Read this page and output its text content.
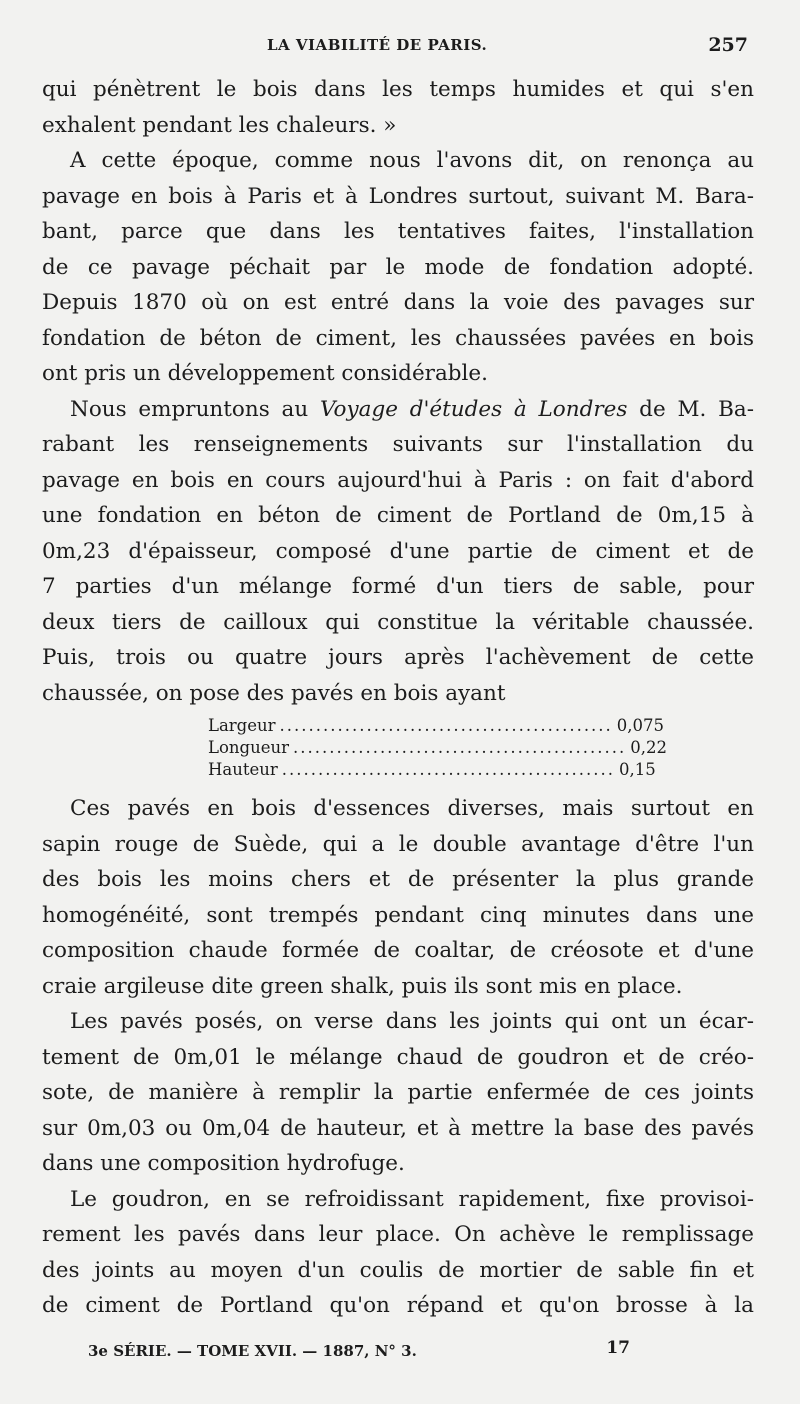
LA VIABILITÉ DE PARIS.	257

qui pénètrent le bois dans les temps humides et qui s'en
exhalent pendant les chaleurs. »

A cette époque, comme nous l'avons dit, on renonça au
pavage en bois à Paris et à Londres surtout, suivant M. Bara-
bant, parce que dans les tentatives faites, l'installation
de ce pavage péchait par le mode de fondation adopté.
Depuis 1870 où on est entré dans la voie des pavages sur
fondation de béton de ciment, les chaussées pavées en bois
ont pris un développement considérable.

Nous empruntons au Voyage d'études à Londres de M. Ba-
rabant les renseignements suivants sur l'installation du
pavage en bois en cours aujourd'hui à Paris : on fait d'abord
une fondation en béton de ciment de Portland de 0m,15 à
0m,23 d'épaisseur, composé d'une partie de ciment et de
7 parties d'un mélange formé d'un tiers de sable, pour
deux tiers de cailloux qui constitue la véritable chaussée.
Puis, trois ou quatre jours après l'achèvement de cette
chaussée, on pose des pavés en bois ayant

Largeur .............................................. 0,075
Longueur .............................................. 0,22
Hauteur .............................................. 0,15

Ces pavés en bois d'essences diverses, mais surtout en
sapin rouge de Suède, qui a le double avantage d'être l'un
des bois les moins chers et de présenter la plus grande
homogénéité, sont trempés pendant cinq minutes dans une
composition chaude formée de coaltar, de créosote et d'une
craie argileuse dite green shalk, puis ils sont mis en place.

Les pavés posés, on verse dans les joints qui ont un écar-
tement de 0m,01 le mélange chaud de goudron et de créo-
sote, de manière à remplir la partie enfermée de ces joints
sur 0m,03 ou 0m,04 de hauteur, et à mettre la base des pavés
dans une composition hydrofuge.

Le goudron, en se refroidissant rapidement, fixe provisoi-
rement les pavés dans leur place. On achève le remplissage
des joints au moyen d'un coulis de mortier de sable fin et
de ciment de Portland qu'on répand et qu'on brosse à la

3e SÉRIE. — TOME XVII. — 1887, N° 3.	17
